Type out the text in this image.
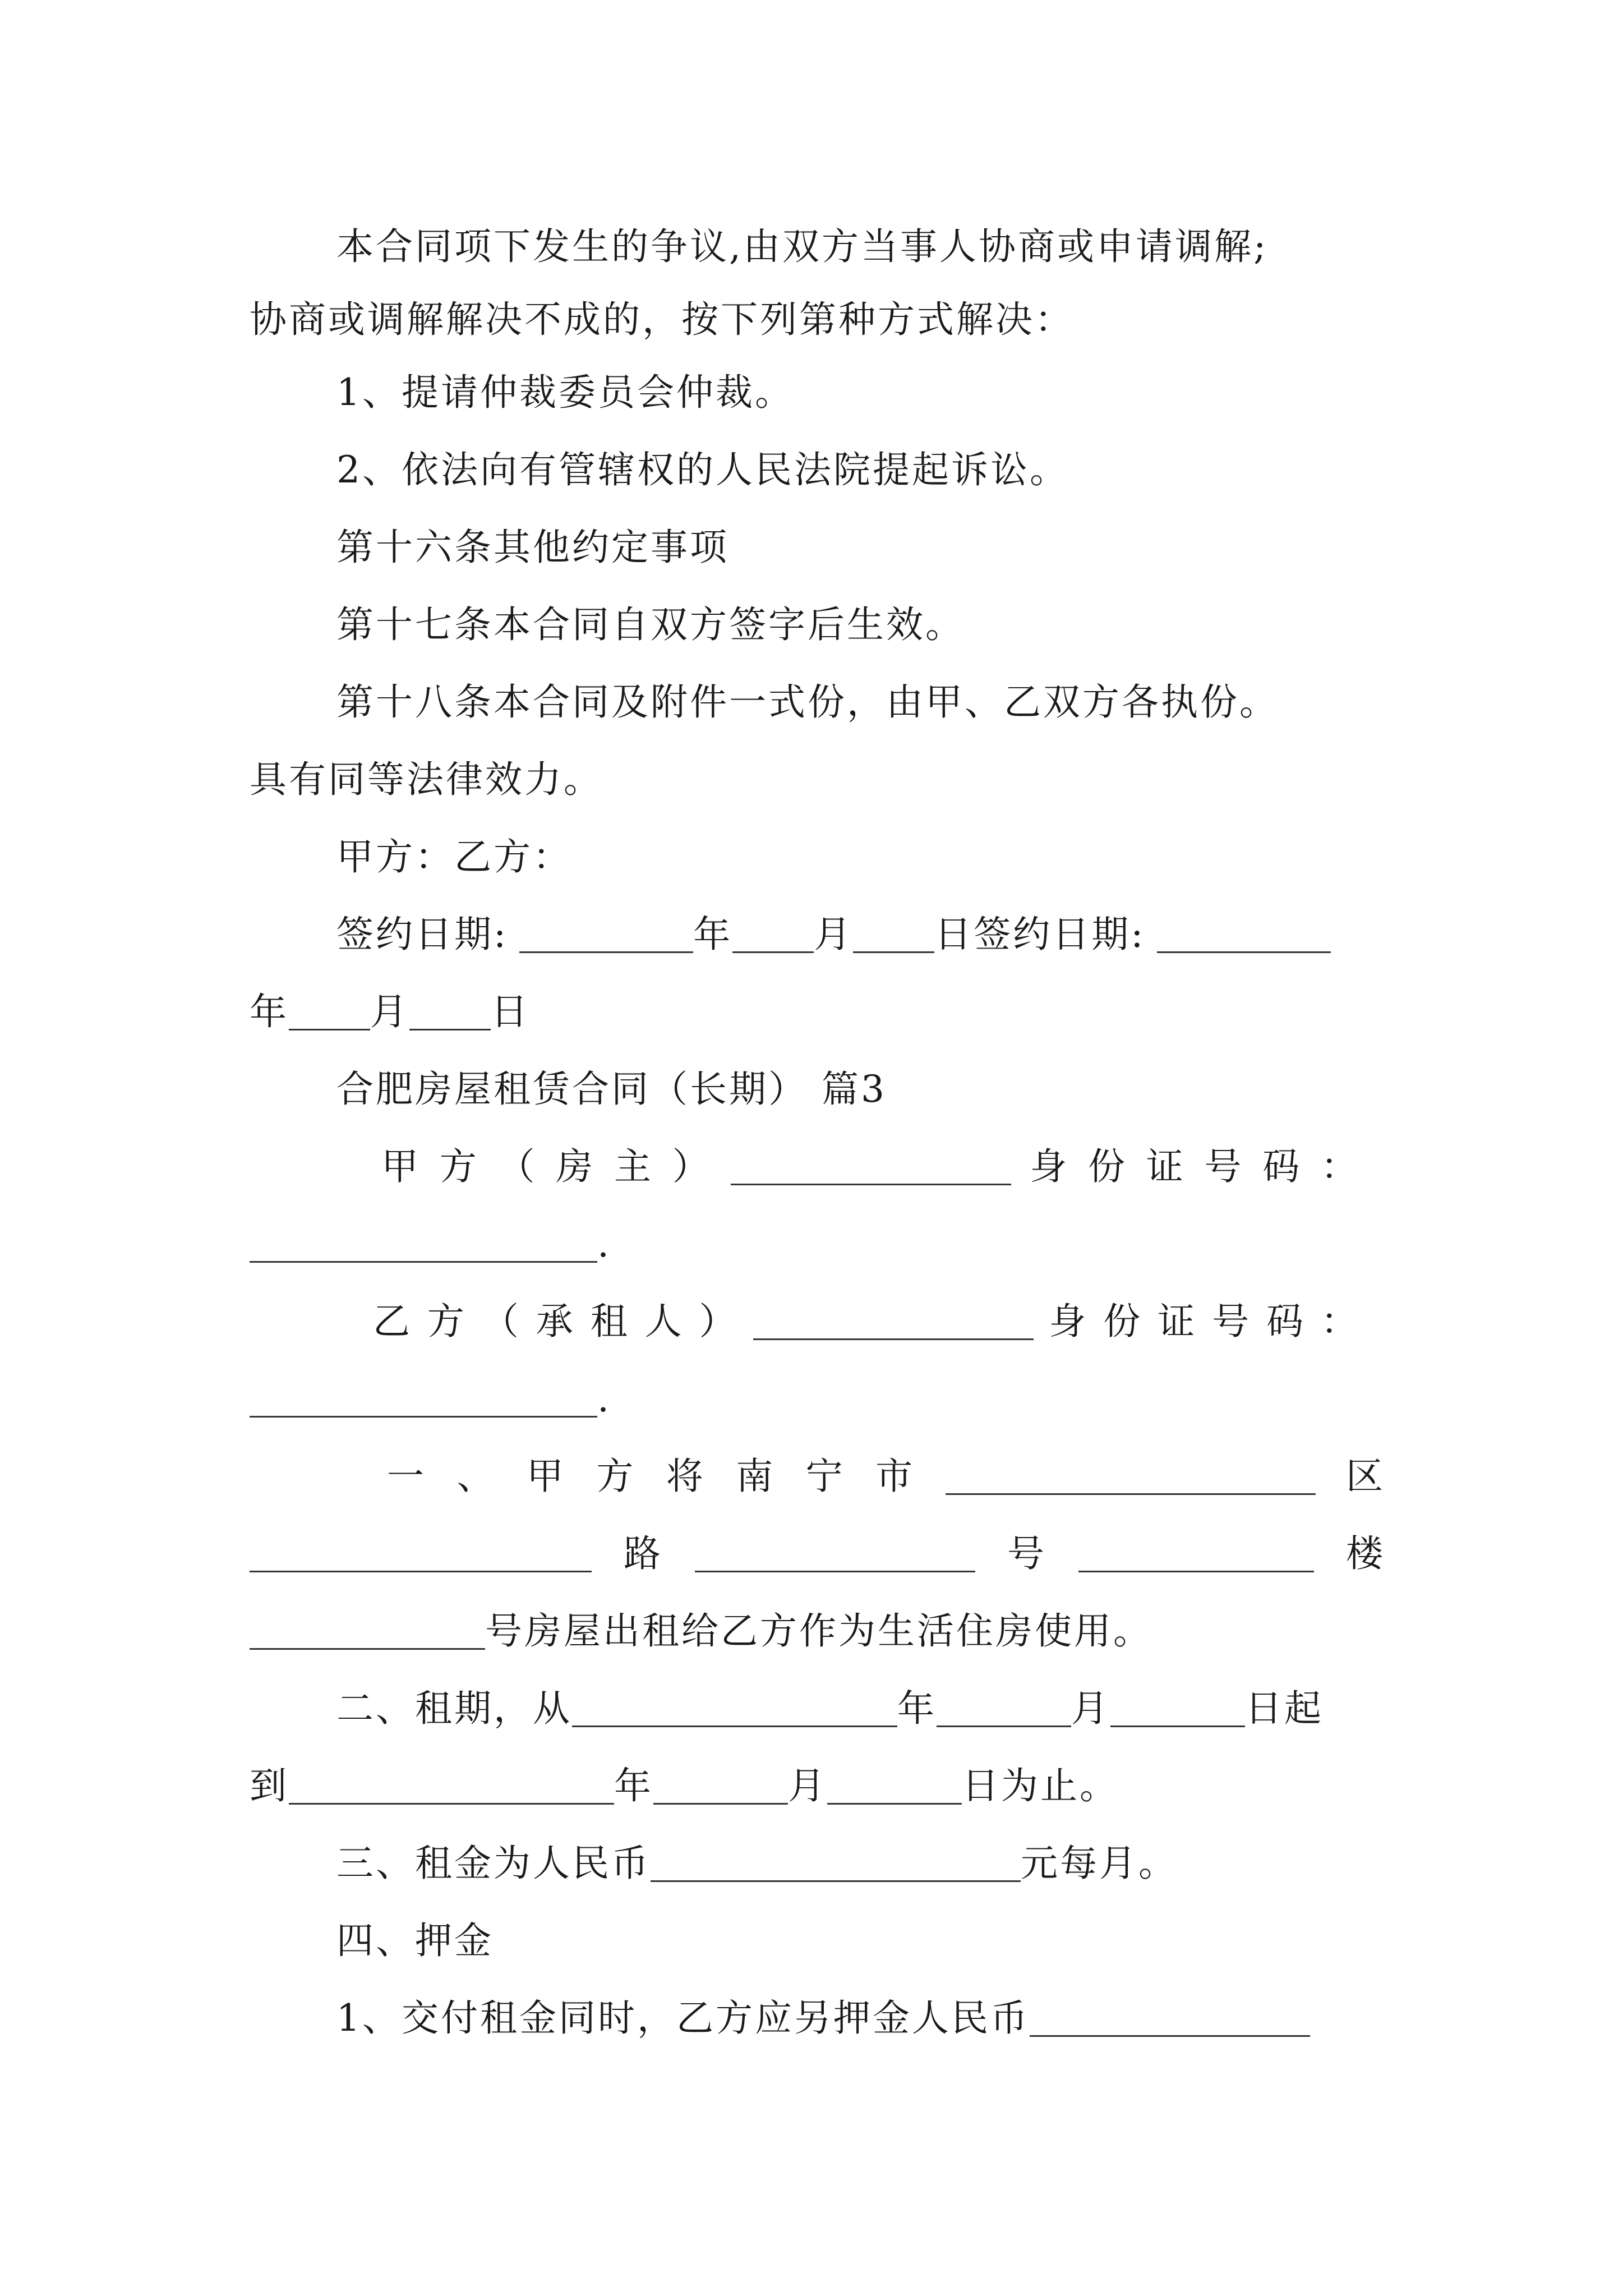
本合同项下发生的争议,由双方当事人协商或申请调解;
协商或调解解决不成的，按下列第种方式解决：
1、提请仲裁委员会仲裁。
2、依法向有管辖权的人民法院提起诉讼。
第十六条其他约定事项
第十七条本合同自双方签字后生效。
第十八条本合同及附件一式份，由甲、乙双方各执份。
具有同等法律效力。
甲方：乙方：
签约日期:	年 月 日签约日期:
年 月 日
合肥房屋租赁合同（长期） 篇3
甲 方 （ 房 主 ）	身 份 证 号 码 ：
.
乙 方 （ 承 租 人 ）	身 份 证 号 码 ：
.
一 、 甲 方 将 南 宁 市	区
路	号	楼
号房屋出租给乙方作为生活住房使用。
二、租期，从	年	月	日起
到	年	月	日为止。
三、租金为人民币	元每月。
四、押金
1、交付租金同时，乙方应另押金人民币
